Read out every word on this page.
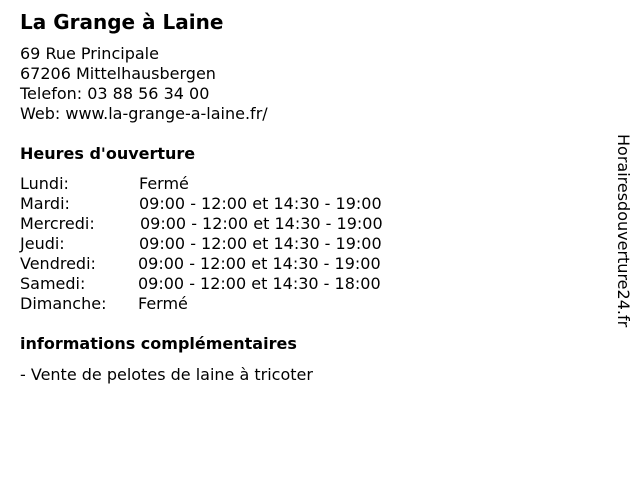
La Grange à Laine
69 Rue Principale
67206 Mittelhausbergen
Telefon: 03 88 56 34 00
Web: www.la-grange-a-laine.fr/
Heures d'ouverture
Lundi:	Fermé
Mardi:	09:00 - 12:00 et 14:30 - 19:00
Mercredi:	09:00 - 12:00 et 14:30 - 19:00
Jeudi:	09:00 - 12:00 et 14:30 - 19:00
Vendredi:	09:00 - 12:00 et 14:30 - 19:00
Samedi:	09:00 - 12:00 et 14:30 - 18:00
Dimanche: Fermé
informations complémentaires
- Vente de pelotes de laine à tricoter
Horairesdouverture24.fr
